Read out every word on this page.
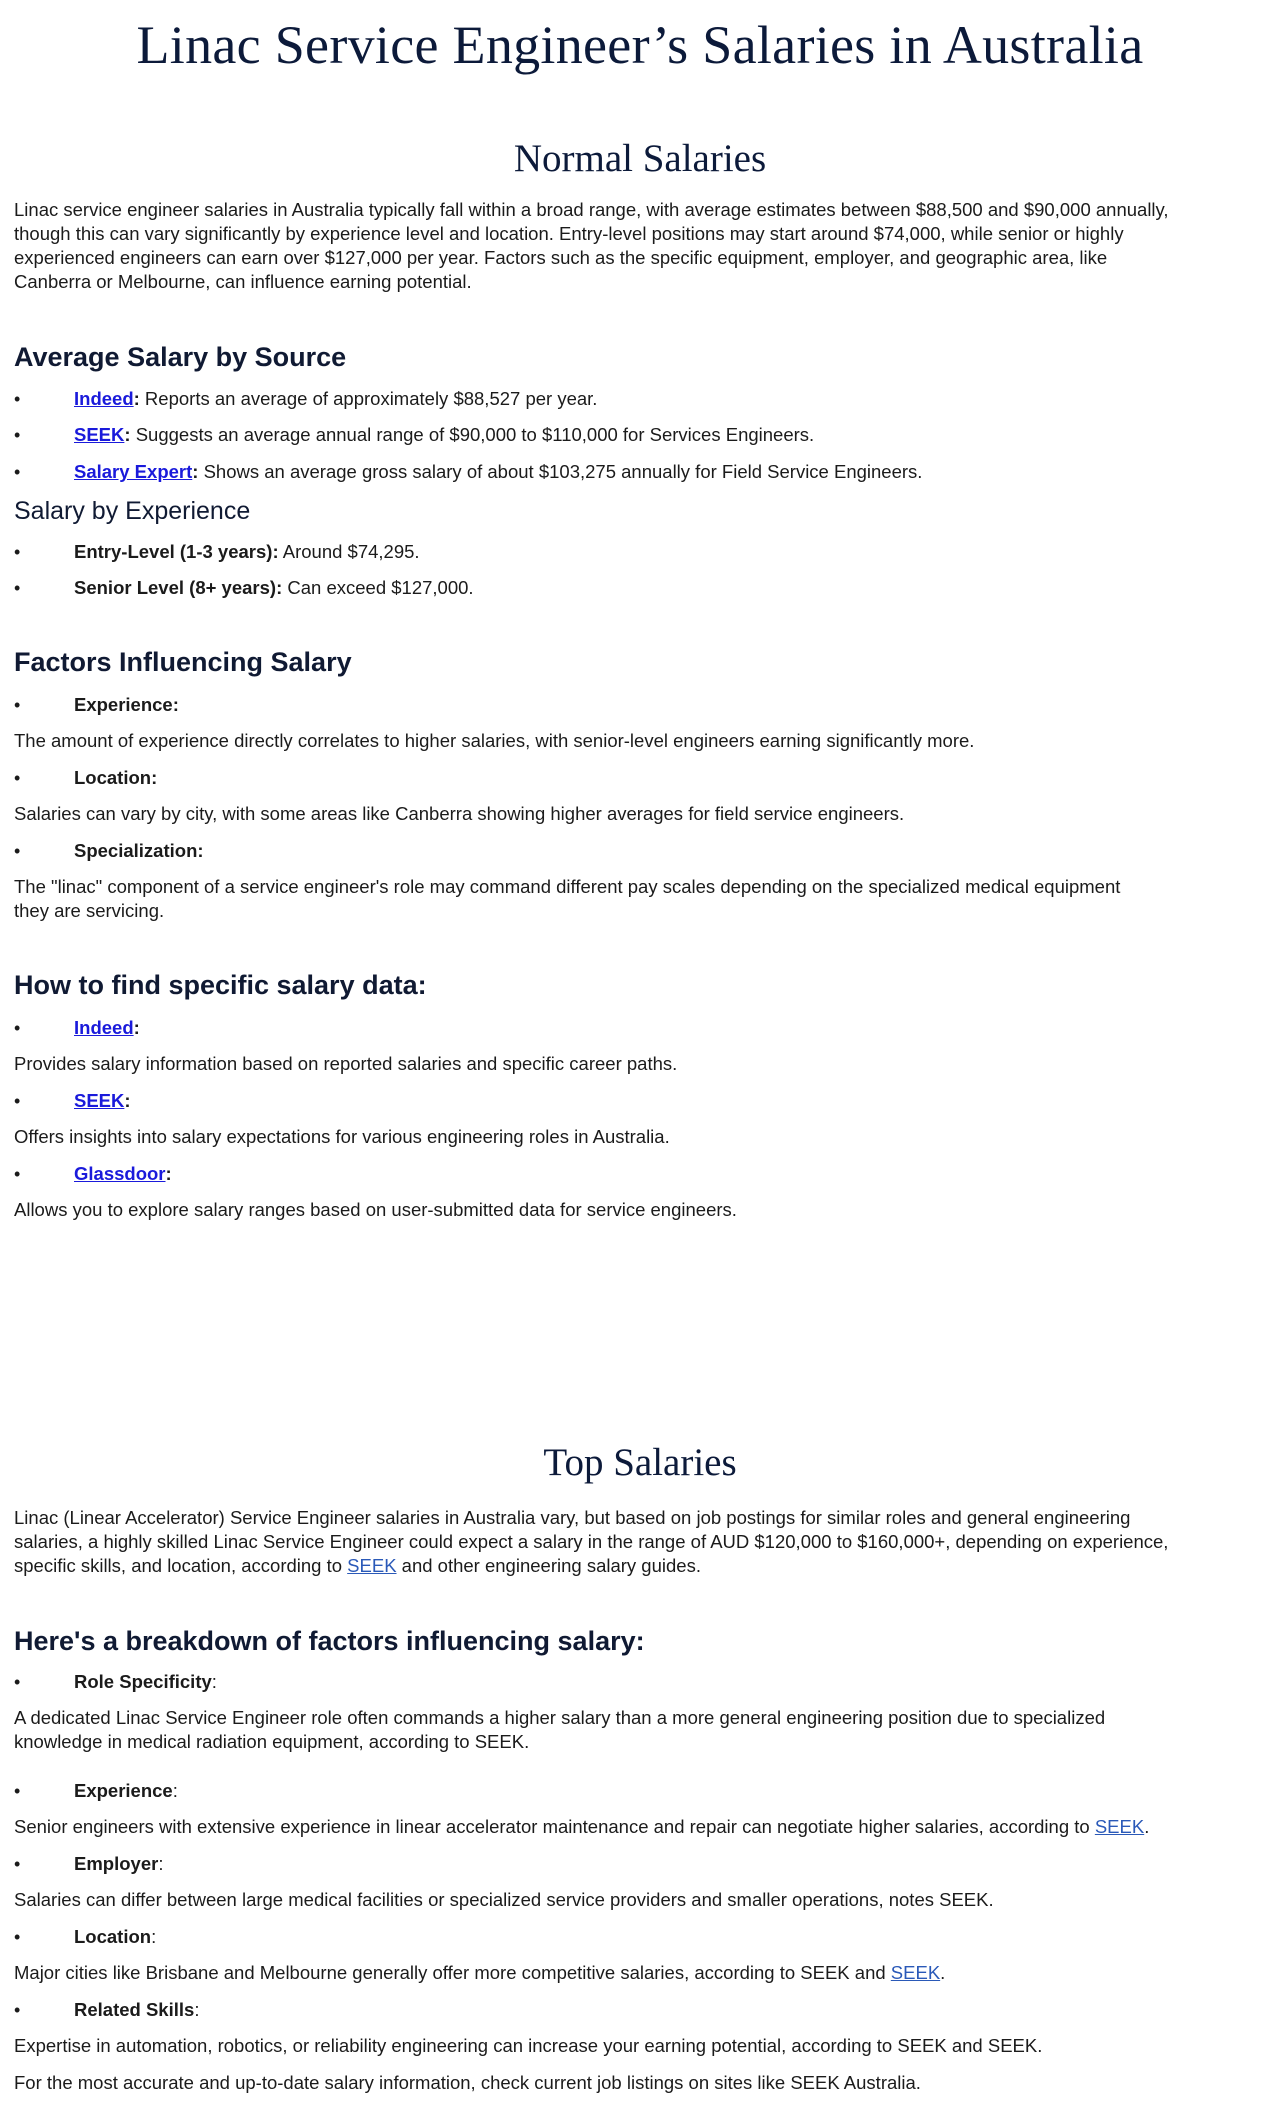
Linac Service Engineer’s Salaries in Australia
Normal Salaries
Linac service engineer salaries in Australia typically fall within a broad range, with average estimates between $88,500 and $90,000 annually,
though this can vary significantly by experience level and location. Entry-level positions may start around $74,000, while senior or highly
experienced engineers can earn over $127,000 per year. Factors such as the specific equipment, employer, and geographic area, like
Canberra or Melbourne, can influence earning potential.
Average Salary by Source
•	Indeed: Reports an average of approximately $88,527 per year.
•	SEEK: Suggests an average annual range of $90,000 to $110,000 for Services Engineers.
•	Salary Expert: Shows an average gross salary of about $103,275 annually for Field Service Engineers.
Salary by Experience
•	Entry-Level (1-3 years): Around $74,295.
•	Senior Level (8+ years): Can exceed $127,000.
Factors Influencing Salary
•	Experience:
The amount of experience directly correlates to higher salaries, with senior-level engineers earning significantly more.
•	Location:
Salaries can vary by city, with some areas like Canberra showing higher averages for field service engineers.
•	Specialization:
The "linac" component of a service engineer's role may command different pay scales depending on the specialized medical equipment
they are servicing.
How to find specific salary data:
•	Indeed:
Provides salary information based on reported salaries and specific career paths.
•	SEEK:
Offers insights into salary expectations for various engineering roles in Australia.
•	Glassdoor:
Allows you to explore salary ranges based on user-submitted data for service engineers.
Top Salaries
Linac (Linear Accelerator) Service Engineer salaries in Australia vary, but based on job postings for similar roles and general engineering
salaries, a highly skilled Linac Service Engineer could expect a salary in the range of AUD $120,000 to $160,000+, depending on experience,
specific skills, and location, according to SEEK and other engineering salary guides.
Here's a breakdown of factors influencing salary:
•	Role Specificity:
A dedicated Linac Service Engineer role often commands a higher salary than a more general engineering position due to specialized
knowledge in medical radiation equipment, according to SEEK.
•	Experience:
Senior engineers with extensive experience in linear accelerator maintenance and repair can negotiate higher salaries, according to SEEK.
•	Employer:
Salaries can differ between large medical facilities or specialized service providers and smaller operations, notes SEEK.
•	Location:
Major cities like Brisbane and Melbourne generally offer more competitive salaries, according to SEEK and SEEK.
•	Related Skills:
Expertise in automation, robotics, or reliability engineering can increase your earning potential, according to SEEK and SEEK.
For the most accurate and up-to-date salary information, check current job listings on sites like SEEK Australia.
